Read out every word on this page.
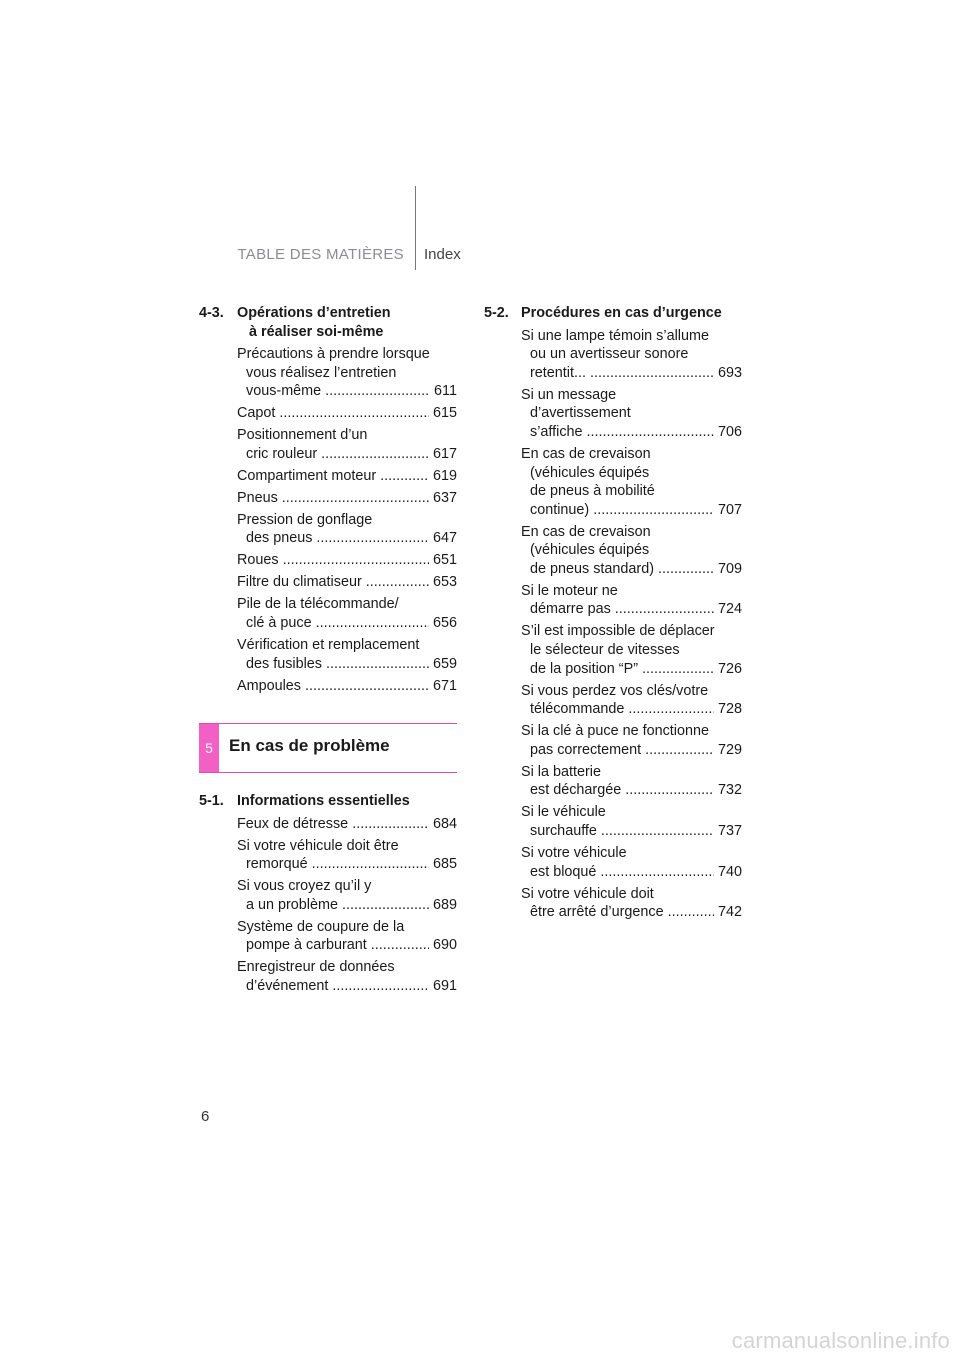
TABLE DES MATIÈRES Index
4-3. Opérations d’entretien
à réaliser soi-même
Précautions à prendre lorsque
vous réalisez l’entretien
vous-même .....	611
Capot .....	615
Positionnement d’un
cric rouleur .....	617
Compartiment moteur .....	619
Pneus .....	637
Pression de gonflage
des pneus .....	647
Roues .....	651
Filtre du climatiseur .....	653
Pile de la télécommande/
clé à puce .....	656
Vérification et remplacement
des fusibles .....	659
Ampoules .....	671
5 En cas de problème
5-1. Informations essentielles
Feux de détresse .....	684
Si votre véhicule doit être
remorqué .....	685
Si vous croyez qu’il y
a un problème .....	689
Système de coupure de la
pompe à carburant .....	690
Enregistreur de données
d’événement .....	691
5-2. Procédures en cas d’urgence
Si une lampe témoin s’allume
ou un avertisseur sonore
retentit... .....	693
Si un message
d’avertissement
s’affiche .....	706
En cas de crevaison
(véhicules équipés
de pneus à mobilité
continue) .....	707
En cas de crevaison
(véhicules équipés
de pneus standard) .....	709
Si le moteur ne
démarre pas .....	724
S’il est impossible de déplacer
le sélecteur de vitesses
de la position “P” .....	726
Si vous perdez vos clés/votre
télécommande .....	728
Si la clé à puce ne fonctionne
pas correctement .....	729
Si la batterie
est déchargée .....	732
Si le véhicule
surchauffe .....	737
Si votre véhicule
est bloqué .....	740
Si votre véhicule doit
être arrêté d’urgence .....	742
6
carmanualsonline.info
